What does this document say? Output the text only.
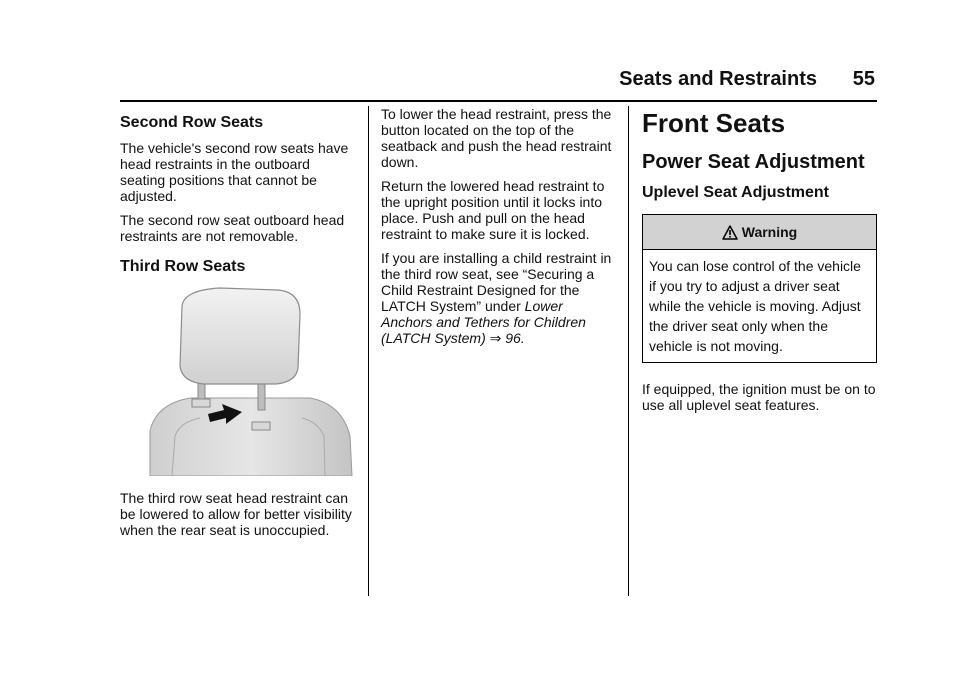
Seats and Restraints 55
Second Row Seats

The vehicle's second row seats have head restraints in the outboard seating positions that cannot be adjusted.

The second row seat outboard head restraints are not removable.

Third Row Seats

The third row seat head restraint can be lowered to allow for better visibility when the rear seat is unoccupied.

To lower the head restraint, press the button located on the top of the seatback and push the head restraint down.

Return the lowered head restraint to the upright position until it locks into place. Push and pull on the head restraint to make sure it is locked.

If you are installing a child restraint in the third row seat, see “Securing a Child Restraint Designed for the LATCH System” under Lower Anchors and Tethers for Children (LATCH System) ⇒ 96.

Front Seats
Power Seat Adjustment
Uplevel Seat Adjustment
Warning
You can lose control of the vehicle if you try to adjust a driver seat while the vehicle is moving. Adjust the driver seat only when the vehicle is not moving.

If equipped, the ignition must be on to use all uplevel seat features.
